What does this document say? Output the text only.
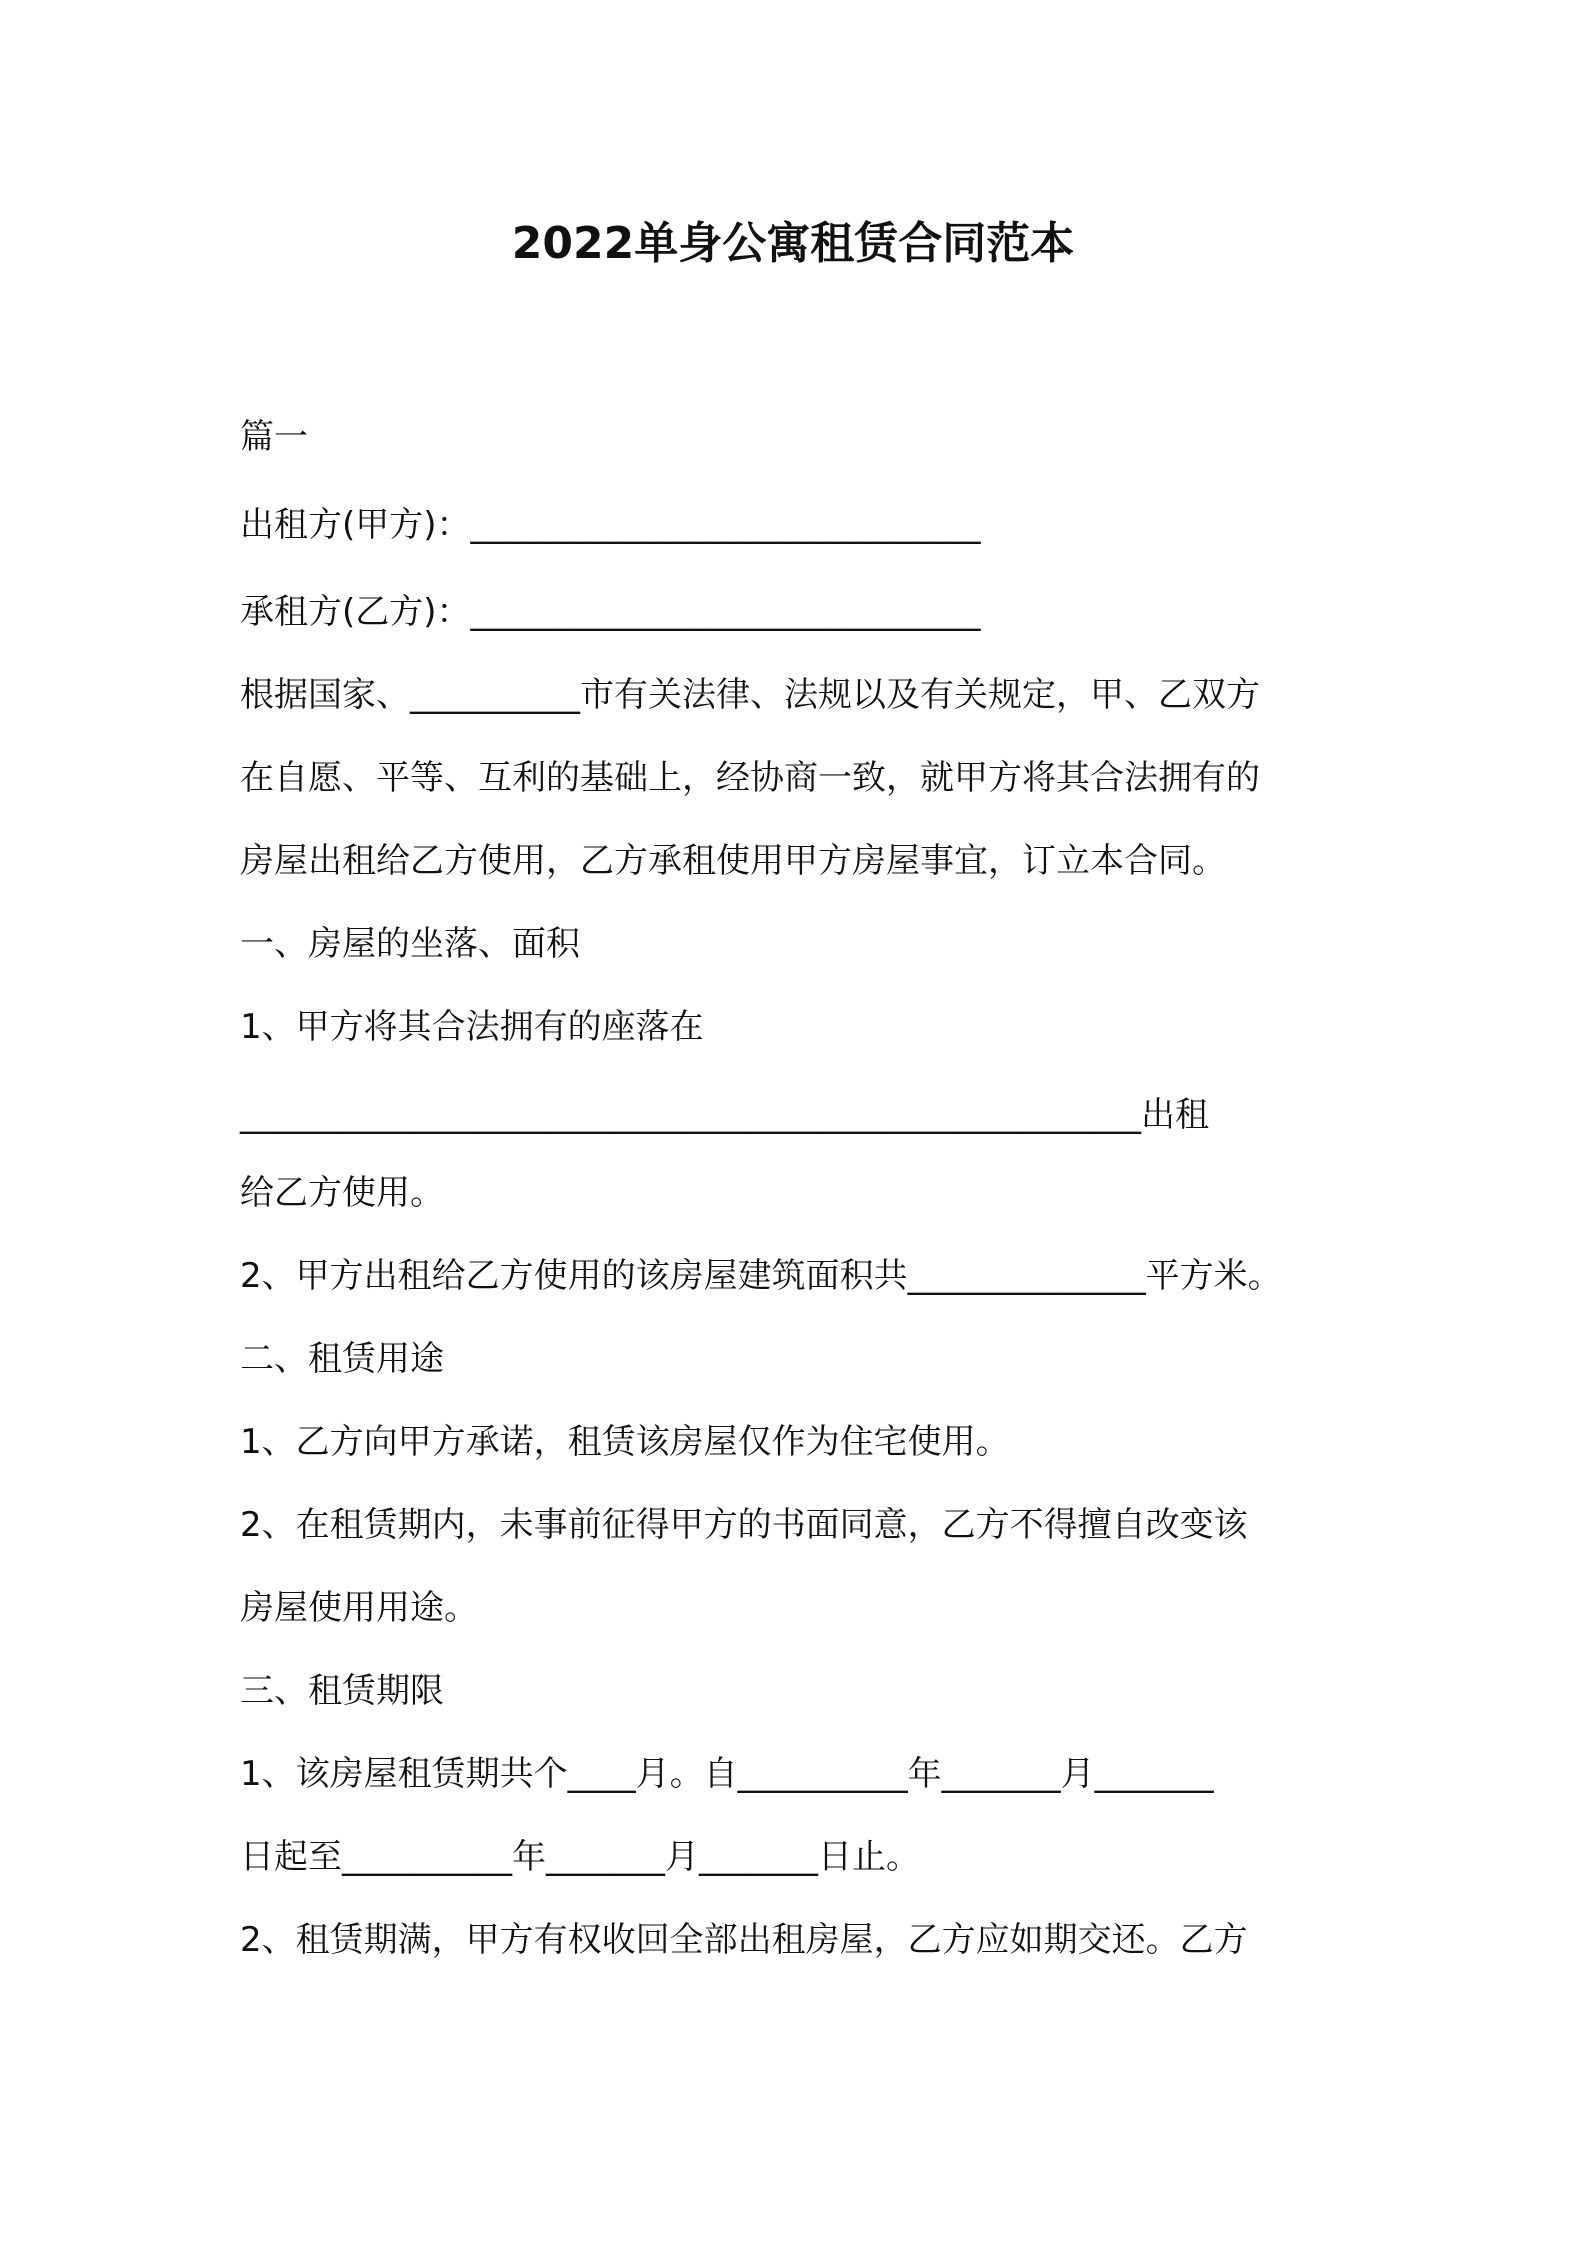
2022单身公寓租赁合同范本
篇一
出租方(甲方)：______________________________
承租方(乙方)：______________________________
根据国家、__________市有关法律、法规以及有关规定，甲、乙双方
在自愿、平等、互利的基础上，经协商一致，就甲方将其合法拥有的
房屋出租给乙方使用，乙方承租使用甲方房屋事宜，订立本合同。
一、房屋的坐落、面积
1、甲方将其合法拥有的座落在
_____________________________________________________出租
给乙方使用。
2、甲方出租给乙方使用的该房屋建筑面积共______________平方米。
二、租赁用途
1、乙方向甲方承诺，租赁该房屋仅作为住宅使用。
2、在租赁期内，未事前征得甲方的书面同意，乙方不得擅自改变该
房屋使用用途。
三、租赁期限
1、该房屋租赁期共个____月。自__________年_______月_______
日起至__________年_______月_______日止。
2、租赁期满，甲方有权收回全部出租房屋，乙方应如期交还。乙方
